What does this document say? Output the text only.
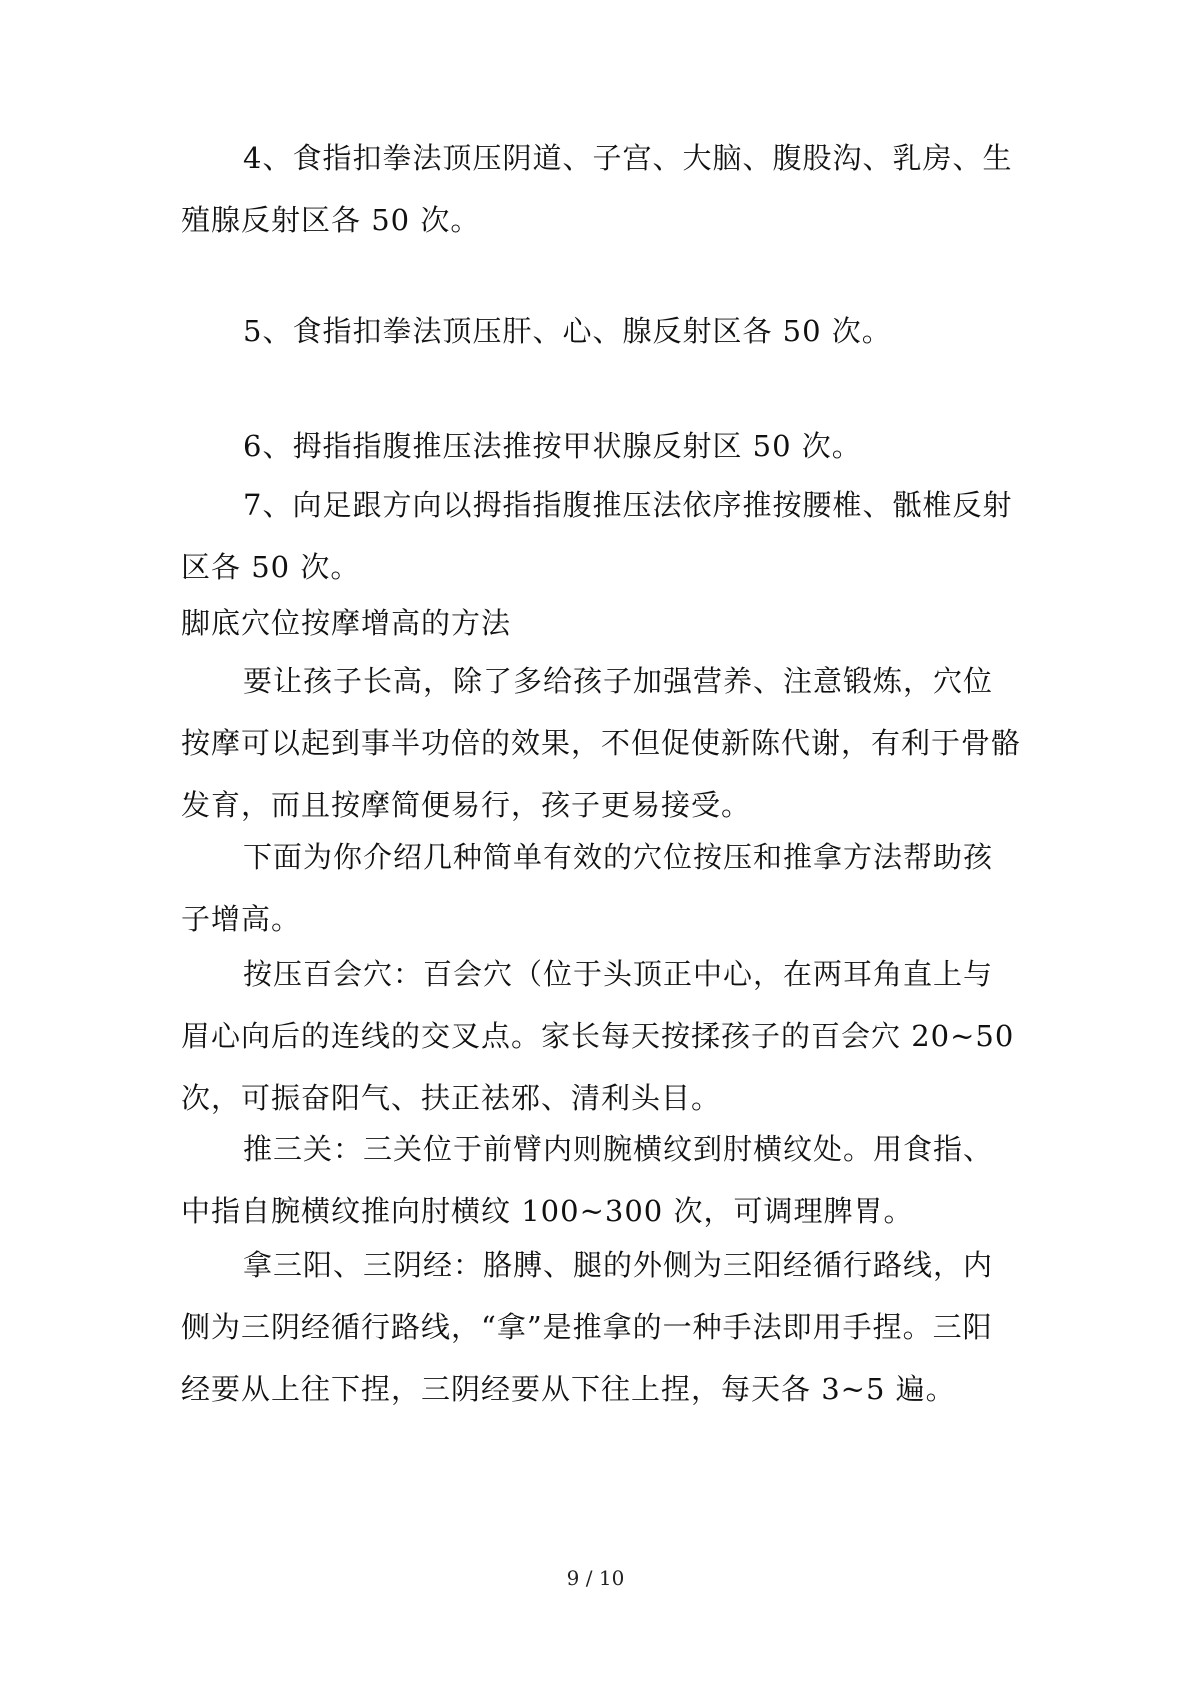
4、食指扣拳法顶压阴道、子宫、大脑、腹股沟、乳房、生殖腺反射区各 50 次。

5、食指扣拳法顶压肝、心、腺反射区各 50 次。

6、拇指指腹推压法推按甲状腺反射区 50 次。

7、向足跟方向以拇指指腹推压法依序推按腰椎、骶椎反射区各 50 次。

脚底穴位按摩增高的方法

要让孩子长高，除了多给孩子加强营养、注意锻炼，穴位按摩可以起到事半功倍的效果，不但促使新陈代谢，有利于骨骼发育，而且按摩简便易行，孩子更易接受。

下面为你介绍几种简单有效的穴位按压和推拿方法帮助孩子增高。

按压百会穴：百会穴（位于头顶正中心，在两耳角直上与眉心向后的连线的交叉点。家长每天按揉孩子的百会穴 20~50 次，可振奋阳气、扶正祛邪、清利头目。

推三关：三关位于前臂内则腕横纹到肘横纹处。用食指、中指自腕横纹推向肘横纹 100~300 次，可调理脾胃。

拿三阳、三阴经：胳膊、腿的外侧为三阳经循行路线，内侧为三阴经循行路线，“拿”是推拿的一种手法即用手捏。三阳经要从上往下捏，三阴经要从下往上捏，每天各 3~5 遍。

9 / 10
